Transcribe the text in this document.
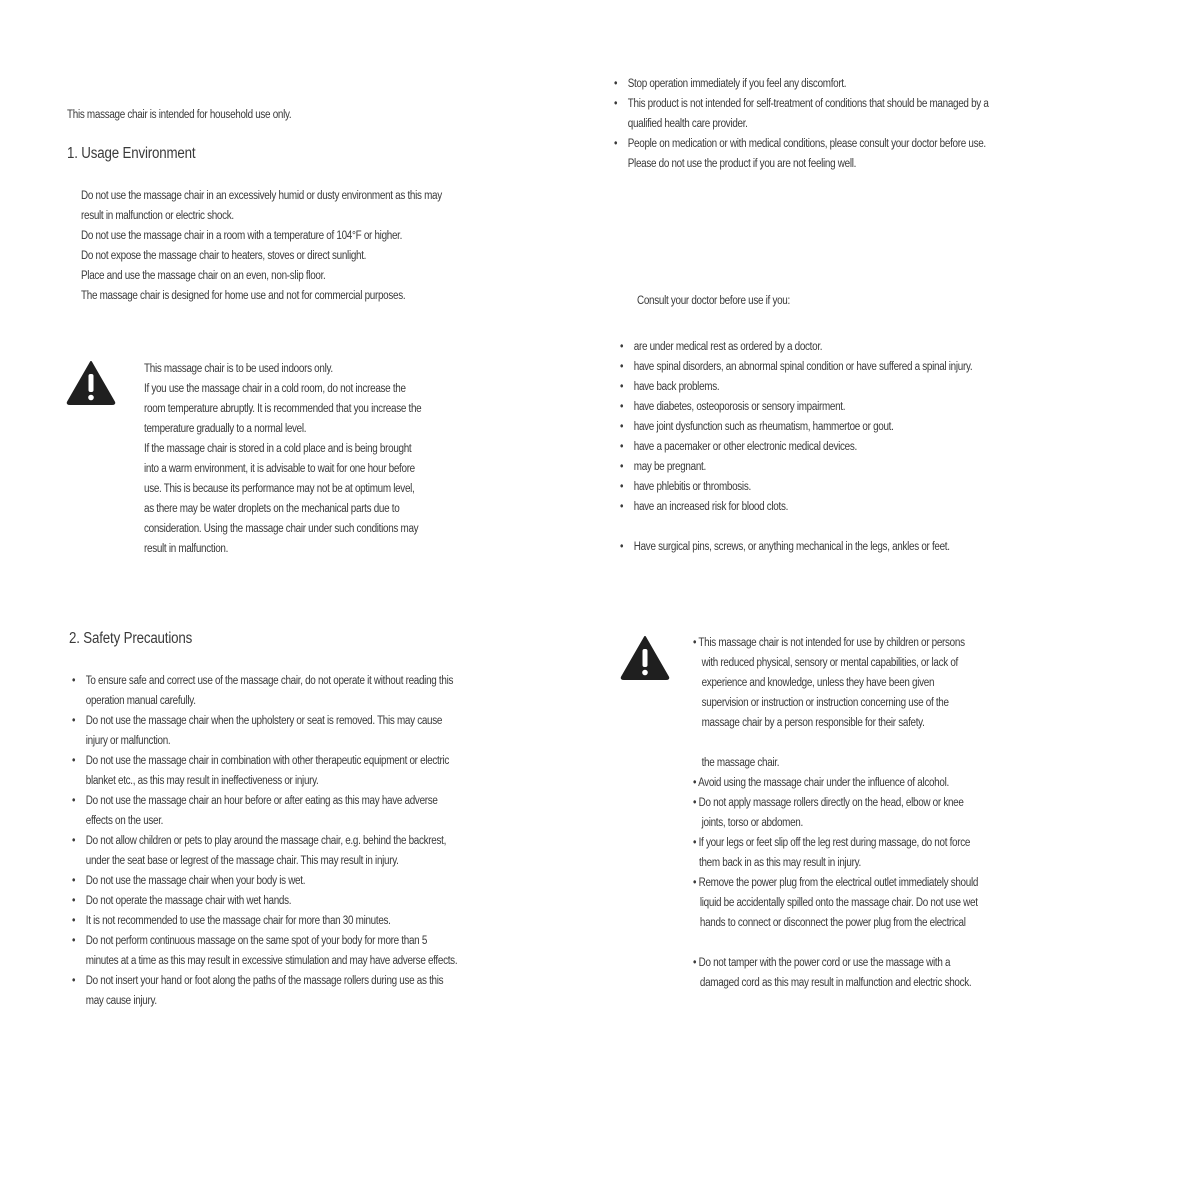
This massage chair is intended for household use only.
1. Usage Environment
Do not use the massage chair in an excessively humid or dusty environment as this may
result in malfunction or electric shock.
Do not use the massage chair in a room with a temperature of 104°F or higher.
Do not expose the massage chair to heaters, stoves or direct sunlight.
Place and use the massage chair on an even, non-slip floor.
The massage chair is designed for home use and not for commercial purposes.
This massage chair is to be used indoors only.
If you use the massage chair in a cold room, do not increase the
room temperature abruptly. It is recommended that you increase the
temperature gradually to a normal level.
If the massage chair is stored in a cold place and is being brought
into a warm environment, it is advisable to wait for one hour before
use. This is because its performance may not be at optimum level,
as there may be water droplets on the mechanical parts due to
consideration. Using the massage chair under such conditions may
result in malfunction.
2. Safety Precautions
• To ensure safe and correct use of the massage chair, do not operate it without reading this
operation manual carefully.
• Do not use the massage chair when the upholstery or seat is removed. This may cause
injury or malfunction.
• Do not use the massage chair in combination with other therapeutic equipment or electric
blanket etc., as this may result in ineffectiveness or injury.
• Do not use the massage chair an hour before or after eating as this may have adverse
effects on the user.
• Do not allow children or pets to play around the massage chair, e.g. behind the backrest,
under the seat base or legrest of the massage chair. This may result in injury.
• Do not use the massage chair when your body is wet.
• Do not operate the massage chair with wet hands.
• It is not recommended to use the massage chair for more than 30 minutes.
• Do not perform continuous massage on the same spot of your body for more than 5
minutes at a time as this may result in excessive stimulation and may have adverse effects.
• Do not insert your hand or foot along the paths of the massage rollers during use as this
may cause injury.
• Stop operation immediately if you feel any discomfort.
• This product is not intended for self-treatment of conditions that should be managed by a
qualified health care provider.
• People on medication or with medical conditions, please consult your doctor before use.
Please do not use the product if you are not feeling well.
Consult your doctor before use if you:
• are under medical rest as ordered by a doctor.
• have spinal disorders, an abnormal spinal condition or have suffered a spinal injury.
• have back problems.
• have diabetes, osteoporosis or sensory impairment.
• have joint dysfunction such as rheumatism, hammertoe or gout.
• have a pacemaker or other electronic medical devices.
• may be pregnant.
• have phlebitis or thrombosis.
• have an increased risk for blood clots.
• Have surgical pins, screws, or anything mechanical in the legs, ankles or feet.
• This massage chair is not intended for use by children or persons
with reduced physical, sensory or mental capabilities, or lack of
experience and knowledge, unless they have been given
supervision or instruction or instruction concerning use of the
massage chair by a person responsible for their safety.
the massage chair.
• Avoid using the massage chair under the influence of alcohol.
• Do not apply massage rollers directly on the head, elbow or knee
joints, torso or abdomen.
• If your legs or feet slip off the leg rest during massage, do not force
them back in as this may result in injury.
• Remove the power plug from the electrical outlet immediately should
liquid be accidentally spilled onto the massage chair. Do not use wet
hands to connect or disconnect the power plug from the electrical
• Do not tamper with the power cord or use the massage with a
damaged cord as this may result in malfunction and electric shock.
